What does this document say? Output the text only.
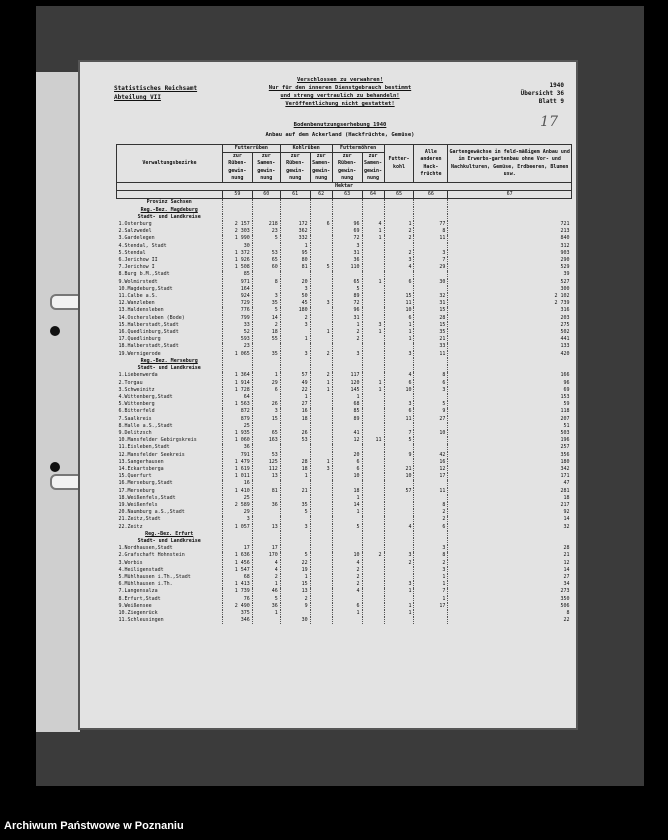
Statistisches Reichsamt
Abteilung VII
Verschlossen zu verwahren!
Nur für den inneren Dienstgebrauch bestimmt
und streng vertraulich zu behandeln!
Veröffentlichung nicht gestattet!
1940
Übersicht 36
Blatt 9
17
Bodenbenutzungserhebung 1940
Anbau auf dem Ackerland (Hackfrüchte, Gemüse)
Verwaltungsbezirke	Futterrüben		Kohlrüben		Futtermöhren		Futter-kohl	Alle anderen Hack-früchte	Gartengewächse in feld-mäßigem Anbau und im Erwerbs-gartenbau ohne Vor- und Nachkulturen, Gemüse, Erdbeeren, Blumen usw.
	zur Rüben-gewin-nung	zur Samen-gewin-nung	zur Rüben-gewin-nung	zur Samen-gewin-nung	zur Rüben-gewin-nung	zur Samen-gewin-nung			
Hektar									
	59	60	61	62	63	64	65	66	67
Provinz Sachsen									
Reg.-Bez. Magdeburg									
Stadt- und Landkreise									
1.Osterburg	2 157	218	172	6	96	4	1	77	721
2.Salzwedel	2 303	23	362		69	1	2	8	213
3.Gardelegen	1 990	5	332		72	1	2	11	840
4.Stendal, Stadt	30		1		3				312
5.Stendal	1 372	53	95		31		2	3	903
6.Jerichow II	1 926	65	80		36		3	7	290
7.Jerichow I	1 508	60	81	5	110		4	29	529
8.Burg b.M.,Stadt	85								39
9.Wolmirstedt	971	8	20		65	1	6	30	527
10.Magdeburg,Stadt	164		3		5				300
11.Calbe a.S.	924	3	50		89		15	32	2 102
12.Wanzleben	729	35	45	3	72		11	31	2 739
13.Haldensleben	776	5	180		96		10	15	316
14.Oschersleben (Bode)	799	14	2		31		6	28	203
15.Halberstadt,Stadt	33	2	3		1	3	1	15	275
16.Quedlinburg,Stadt	52	18		1	2	1	1	35	502
17.Quedlinburg	593	55	1		2		1	21	441
18.Halberstadt,Stadt	23							33	133
19.Wernigerode	1 065	35	3	2	3		3	11	420
Reg.-Bez. Merseburg									
Stadt- und Landkreise									
1.Liebenwerda	1 364	1	57	2	117		4	8	166
2.Torgau	1 914	29	49	1	120	1	6	6	96
3.Schweinitz	1 728	6	22	1	145	1	10	3	69
4.Wittenberg,Stadt	64		1		1				153
5.Wittenberg	1 563	26	27		68		3	5	59
6.Bitterfeld	872	3	16		85		6	9	118
7.Saalkreis	879	15	18		89		11	27	207
8.Halle a.S.,Stadt	25								51
9.Delitzsch	1 935	65	26		41		7	10	503
10.Mansfelder Gebirgskreis	1 060	163	53		12	11	5		196
11.Eisleben,Stadt	36								257
12.Mansfelder Seekreis	791	53			20		9	42	356
13.Sangerhausen	1 479	125	28	1	6			16	180
14.Eckartsberga	1 619	112	18	3	6		21	12	342
15.Querfurt	1 011	13	1		10		10	17	171
16.Merseburg,Stadt	16								47
17.Merseburg	1 410	81	21		18		57	11	281
18.Weißenfels,Stadt	25				1				18
19.Weißenfels	2 589	36	35		14			8	217
20.Naumburg a.S.,Stadt	29		5		1			2	92
21.Zeitz,Stadt	3							2	14
22.Zeitz	1 057	13	3		5		4	6	32
Reg.-Bez. Erfurt									
Stadt- und Landkreise									
1.Nordhausen,Stadt	17	17						3	28
2.Grafschaft Hohnstein	1 636	170	5		10	2	3	8	21
3.Worbis	1 456	4	22		4		2	2	12
4.Heiligenstadt	1 547	4	19		2			3	14
5.Mühlhausen i.Th.,Stadt	68	2	1		2			1	27
6.Mühlhausen i.Th.	1 413	1	15		2		3	1	34
7.Langensalza	1 739	46	13		4		1	7	273
8.Erfurt,Stadt	76	5	2					1	350
9.Weißensee	2 490	36	9		6		1	17	506
10.Ziegenrück	375	1			1		1		8
11.Schleusingen	346		30						22
Archiwum Państwowe w Poznaniu
